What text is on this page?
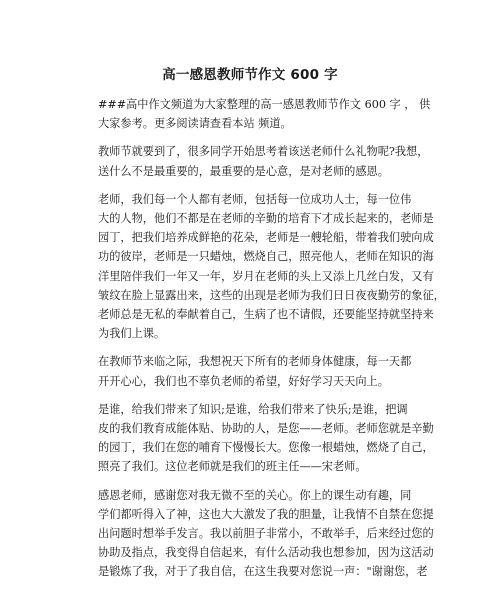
高一感恩教师节作文 600 字
###高中作文频道为大家整理的高一感恩教师节作文 600 字 ， 供
大家参考。更多阅读请查看本站 频道。
教师节就要到了，很多同学开始思考着该送老师什么礼物呢?我想，
送什么不是最重要的，最重要的是心意，是对老师的感恩。
老师，我们每一个人都有老师，包括每一位成功人士，每一位伟
大的人物，他们不都是在老师的辛勤的培育下才成长起来的，老师是
园丁，把我们培养成鲜艳的花朵，老师是一艘轮船，带着我们驶向成
功的彼岸，老师是一只蜡烛，燃烧自己，照亮他人，老师在知识的海
洋里陪伴我们一年又一年，岁月在老师的头上又添上几丝白发，又有
皱纹在脸上显露出来，这些的出现是老师为我们日日夜夜勤劳的象征，
老师总是无私的奉献着自己，生病了也不请假，还要能坚持就坚持来
为我们上课。
在教师节来临之际，我想祝天下所有的老师身体健康，每一天都
开开心心，我们也不辜负老师的希望，好好学习天天向上。
是谁，给我们带来了知识;是谁，给我们带来了快乐;是谁，把调
皮的我们教育成能体贴、协助的人，是您——老师。老师您就是辛勤
的园丁，我们在您的哺育下慢慢长大。您像一根蜡烛，燃烧了自己，
照亮了我们。这位老师就是我们的班主任——宋老师。
感恩老师，感谢您对我无微不至的关心。你上的课生动有趣，同
学们都听得入了神，这也大大激发了我的胆量，让我情不自禁在您提
出问题时想举手发言。我以前胆子非常小，不敢举手，后来经过您的
协助及指点，我变得自信起来，有什么活动我也想参加，因为这活动
是锻炼了我，对于了我自信，在这生我要对您说一声："谢谢您，老
